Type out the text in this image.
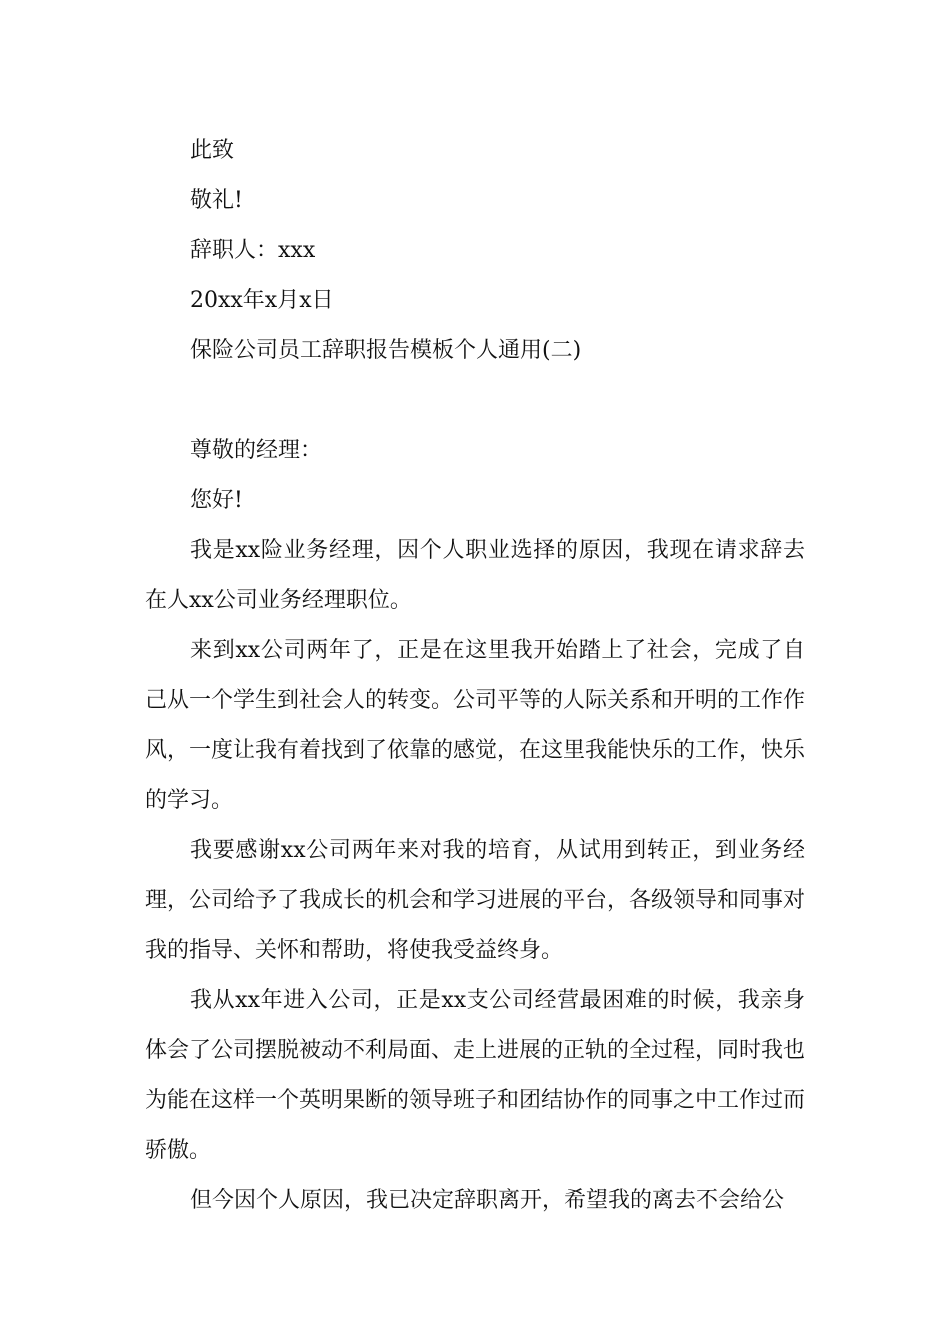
此致
敬礼!
辞职人：xxx
20xx年x月x日
保险公司员工辞职报告模板个人通用(二)
尊敬的经理：
您好!

我是xx险业务经理，因个人职业选择的原因，我现在请求辞去在人xx公司业务经理职位。

来到xx公司两年了，正是在这里我开始踏上了社会，完成了自己从一个学生到社会人的转变。公司平等的人际关系和开明的工作作风，一度让我有着找到了依靠的感觉，在这里我能快乐的工作，快乐的学习。

我要感谢xx公司两年来对我的培育，从试用到转正，到业务经理，公司给予了我成长的机会和学习进展的平台，各级领导和同事对我的指导、关怀和帮助，将使我受益终身。

我从xx年进入公司，正是xx支公司经营最困难的时候，我亲身体会了公司摆脱被动不利局面、走上进展的正轨的全过程，同时我也为能在这样一个英明果断的领导班子和团结协作的同事之中工作过而骄傲。

但今因个人原因，我已决定辞职离开，希望我的离去不会给公
